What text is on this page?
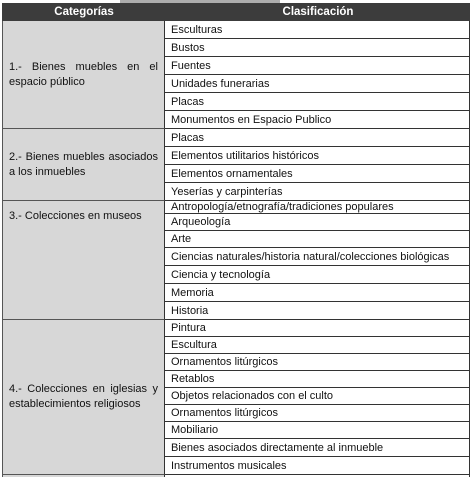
Categorías	Clasificación
1.- Bienes muebles en el espacio público
Esculturas
Bustos
Fuentes
Unidades funerarias
Placas
Monumentos en Espacio Publico
2.- Bienes muebles asociados a los inmuebles
Placas
Elementos utilitarios históricos
Elementos ornamentales
Yeserías y carpinterías
3.- Colecciones en museos
Antropología/etnografía/tradiciones populares
Arqueología
Arte
Ciencias naturales/historia natural/colecciones biológicas
Ciencia y tecnología
Memoria
Historia
4.- Colecciones en iglesias y establecimientos religiosos
Pintura
Escultura
Ornamentos litúrgicos
Retablos
Objetos relacionados con el culto
Ornamentos litúrgicos
Mobiliario
Bienes asociados directamente al inmueble
Instrumentos musicales
